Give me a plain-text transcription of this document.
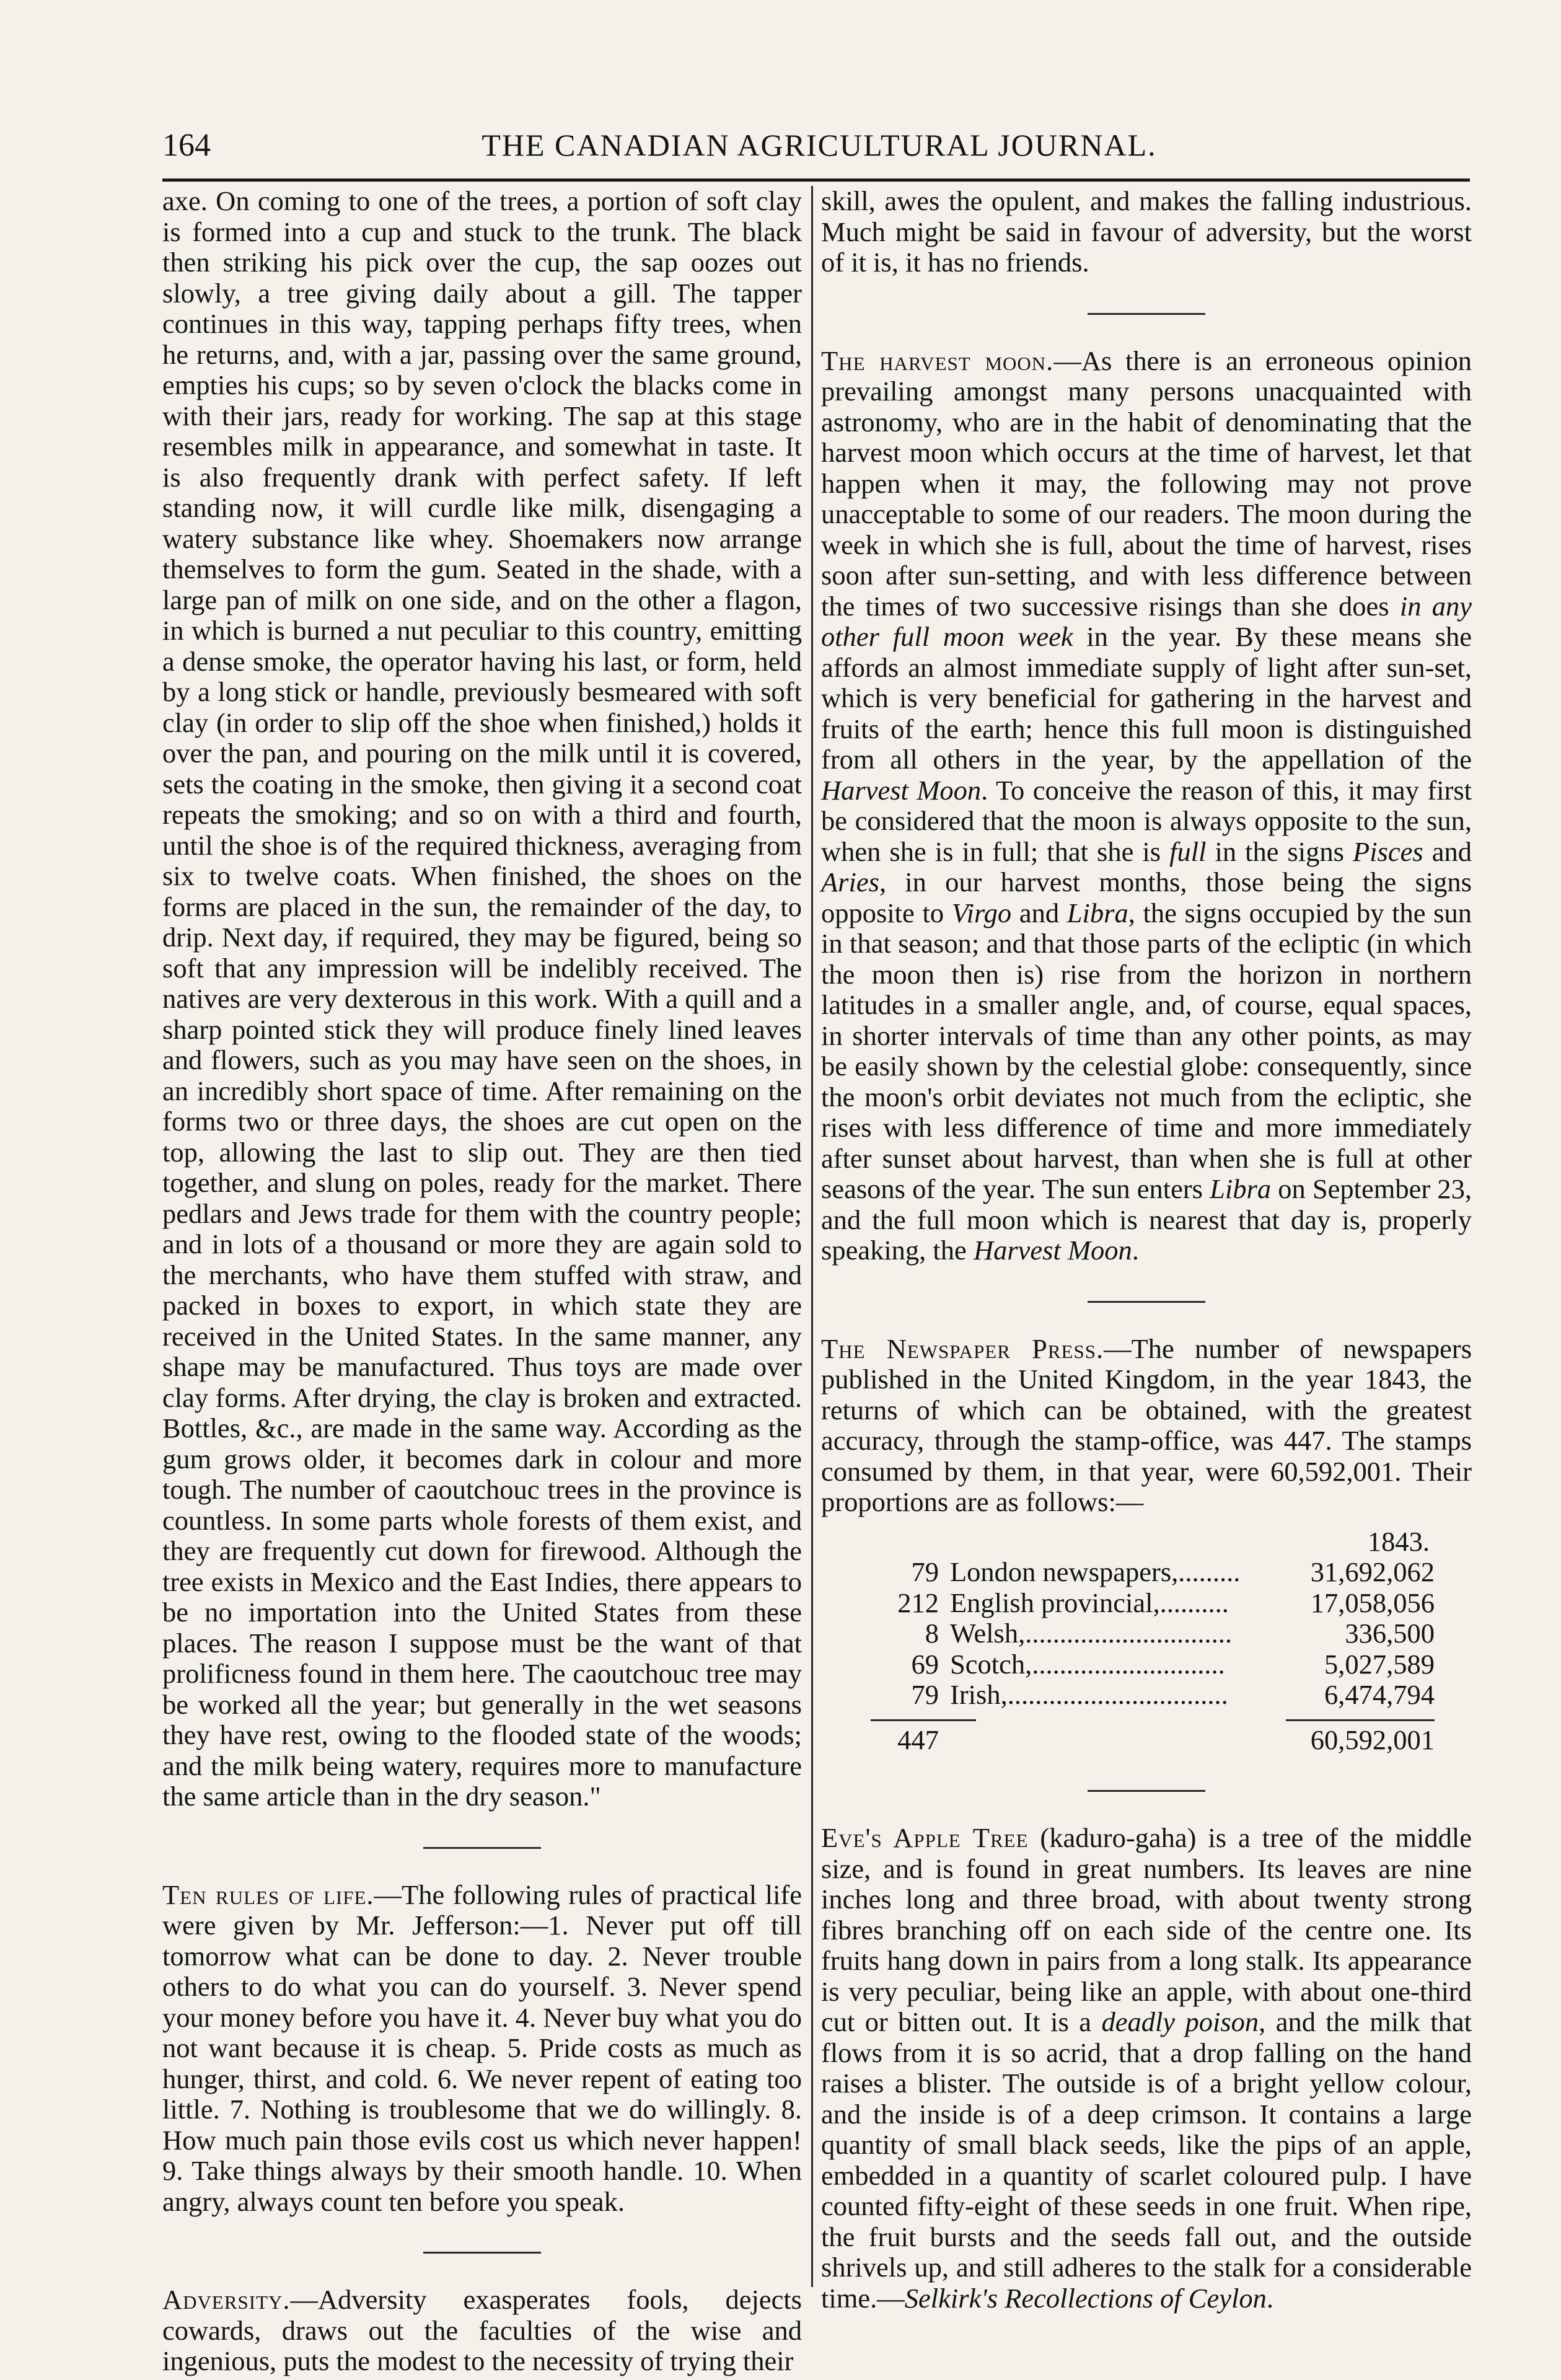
164	THE CANADIAN AGRICULTURAL JOURNAL.

axe. On coming to one of the trees, a portion of soft clay is formed into a cup and stuck to the trunk. The black then striking his pick over the cup, the sap oozes out slowly, a tree giving daily about a gill. The tapper continues in this way, tapping perhaps fifty trees, when he returns, and, with a jar, passing over the same ground, empties his cups; so by seven o'clock the blacks come in with their jars, ready for working. The sap at this stage resembles milk in appearance, and somewhat in taste. It is also frequently drank with perfect safety. If left standing now, it will curdle like milk, disengaging a watery substance like whey. Shoemakers now arrange themselves to form the gum. Seated in the shade, with a large pan of milk on one side, and on the other a flagon, in which is burned a nut peculiar to this country, emitting a dense smoke, the operator having his last, or form, held by a long stick or handle, previously besmeared with soft clay (in order to slip off the shoe when finished,) holds it over the pan, and pouring on the milk until it is covered, sets the coating in the smoke, then giving it a second coat repeats the smoking; and so on with a third and fourth, until the shoe is of the required thickness, averaging from six to twelve coats. When finished, the shoes on the forms are placed in the sun, the remainder of the day, to drip. Next day, if required, they may be figured, being so soft that any impression will be indelibly received. The natives are very dexterous in this work. With a quill and a sharp pointed stick they will produce finely lined leaves and flowers, such as you may have seen on the shoes, in an incredibly short space of time. After remaining on the forms two or three days, the shoes are cut open on the top, allowing the last to slip out. They are then tied together, and slung on poles, ready for the market. There pedlars and Jews trade for them with the country people; and in lots of a thousand or more they are again sold to the merchants, who have them stuffed with straw, and packed in boxes to export, in which state they are received in the United States. In the same manner, any shape may be manufactured. Thus toys are made over clay forms. After drying, the clay is broken and extracted. Bottles, &c., are made in the same way. According as the gum grows older, it becomes dark in colour and more tough. The number of caoutchouc trees in the province is countless. In some parts whole forests of them exist, and they are frequently cut down for firewood. Although the tree exists in Mexico and the East Indies, there appears to be no importation into the United States from these places. The reason I suppose must be the want of that prolificness found in them here. The caoutchouc tree may be worked all the year; but generally in the wet seasons they have rest, owing to the flooded state of the woods; and the milk being watery, requires more to manufacture the same article than in the dry season."

Ten rules of life.—The following rules of practical life were given by Mr. Jefferson:—1. Never put off till tomorrow what can be done to day. 2. Never trouble others to do what you can do yourself. 3. Never spend your money before you have it. 4. Never buy what you do not want because it is cheap. 5. Pride costs as much as hunger, thirst, and cold. 6. We never repent of eating too little. 7. Nothing is troublesome that we do willingly. 8. How much pain those evils cost us which never happen! 9. Take things always by their smooth handle. 10. When angry, always count ten before you speak.

Adversity.—Adversity exasperates fools, dejects cowards, draws out the faculties of the wise and ingenious, puts the modest to the necessity of trying their

skill, awes the opulent, and makes the falling industrious. Much might be said in favour of adversity, but the worst of it is, it has no friends.

The harvest moon.—As there is an erroneous opinion prevailing amongst many persons unacquainted with astronomy, who are in the habit of denominating that the harvest moon which occurs at the time of harvest, let that happen when it may, the following may not prove unacceptable to some of our readers. The moon during the week in which she is full, about the time of harvest, rises soon after sun-setting, and with less difference between the times of two successive risings than she does in any other full moon week in the year. By these means she affords an almost immediate supply of light after sun-set, which is very beneficial for gathering in the harvest and fruits of the earth; hence this full moon is distinguished from all others in the year, by the appellation of the Harvest Moon. To conceive the reason of this, it may first be considered that the moon is always opposite to the sun, when she is in full; that she is full in the signs Pisces and Aries, in our harvest months, those being the signs opposite to Virgo and Libra, the signs occupied by the sun in that season; and that those parts of the ecliptic (in which the moon then is) rise from the horizon in northern latitudes in a smaller angle, and, of course, equal spaces, in shorter intervals of time than any other points, as may be easily shown by the celestial globe: consequently, since the moon's orbit deviates not much from the ecliptic, she rises with less difference of time and more immediately after sunset about harvest, than when she is full at other seasons of the year. The sun enters Libra on September 23, and the full moon which is nearest that day is, properly speaking, the Harvest Moon.

The Newspaper Press.—The number of newspapers published in the United Kingdom, in the year 1843, the returns of which can be obtained, with the greatest accuracy, through the stamp-office, was 447. The stamps consumed by them, in that year, were 60,592,001. Their proportions are as follows:—

1843.
79 London newspapers,.........	31,692,062
212 English provincial,..........	17,058,056
8 Welsh,..............................	336,500
69 Scotch,............................	5,027,589
79 Irish,................................	6,474,794
447	60,592,001

Eve's Apple Tree (kaduro-gaha) is a tree of the middle size, and is found in great numbers. Its leaves are nine inches long and three broad, with about twenty strong fibres branching off on each side of the centre one. Its fruits hang down in pairs from a long stalk. Its appearance is very peculiar, being like an apple, with about one-third cut or bitten out. It is a deadly poison, and the milk that flows from it is so acrid, that a drop falling on the hand raises a blister. The outside is of a bright yellow colour, and the inside is of a deep crimson. It contains a large quantity of small black seeds, like the pips of an apple, embedded in a quantity of scarlet coloured pulp. I have counted fifty-eight of these seeds in one fruit. When ripe, the fruit bursts and the seeds fall out, and the outside shrivels up, and still adheres to the stalk for a considerable time.—Selkirk's Recollections of Ceylon.
